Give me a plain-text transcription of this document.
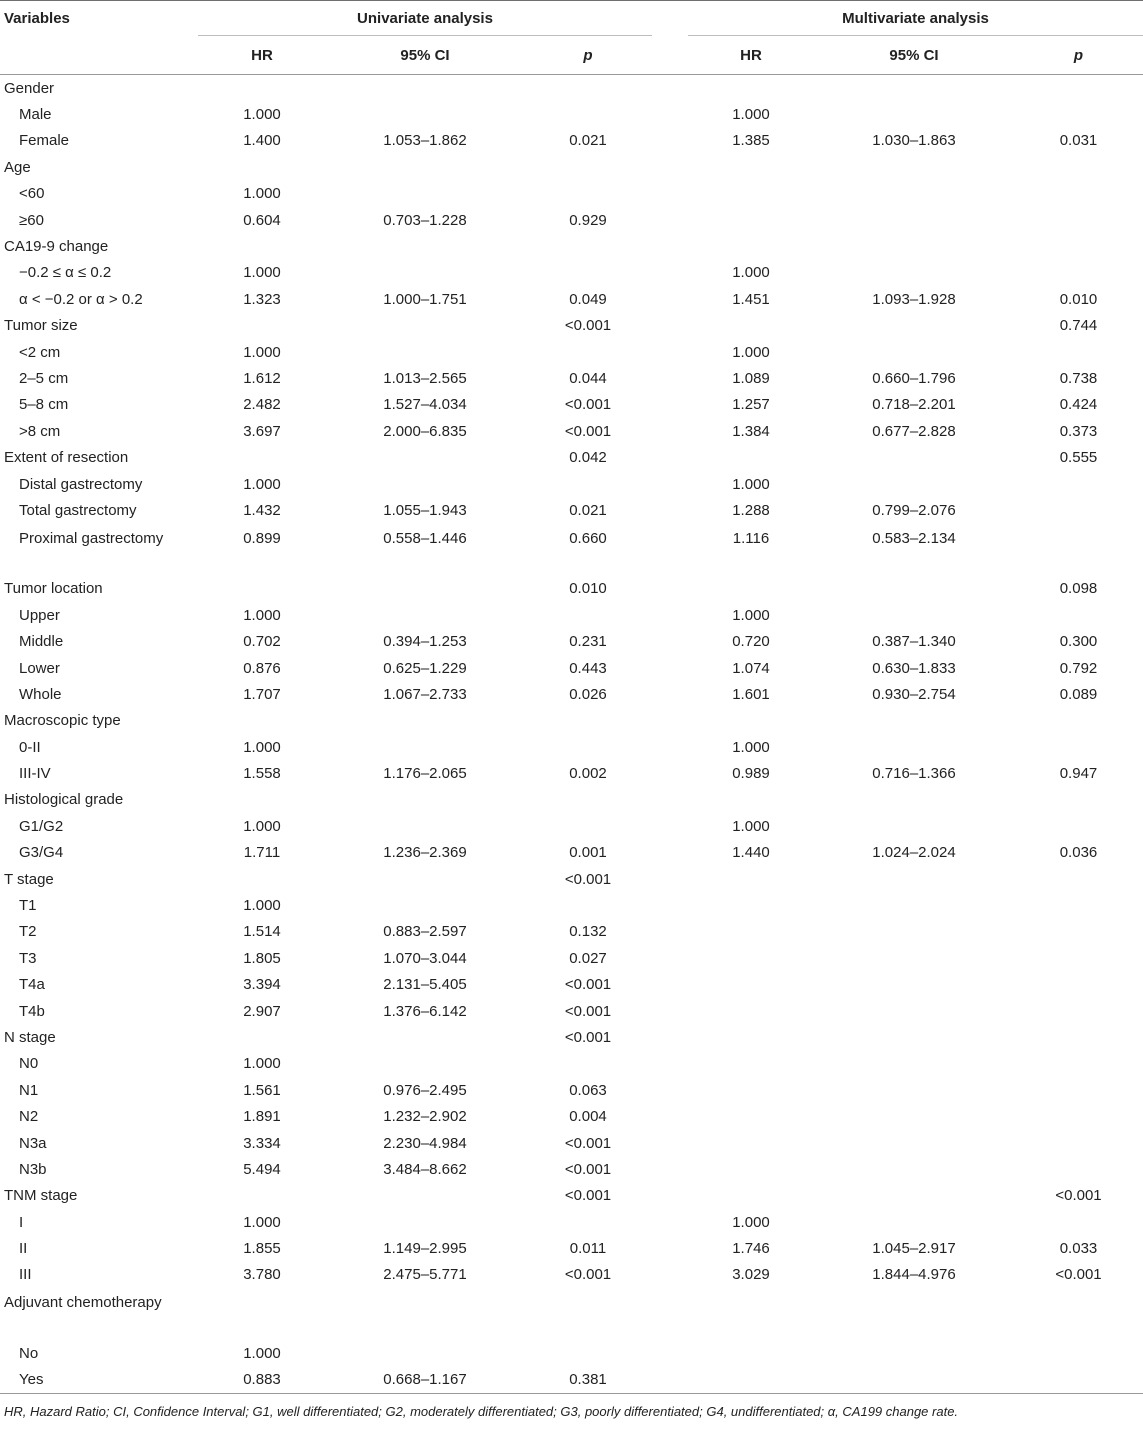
Variables	Univariate analysis				Multivariate analysis		
	HR	95% CI	p		HR	95% CI	p

Gender							
Male	1.000				1.000		
Female	1.400	1.053–1.862	0.021		1.385	1.030–1.863	0.031
Age							
<60	1.000						
≥60	0.604	0.703–1.228	0.929				
CA19-9 change							
−0.2 ≤ α ≤ 0.2	1.000				1.000		
α < −0.2 or α > 0.2	1.323	1.000–1.751	0.049		1.451	1.093–1.928	0.010
Tumor size			<0.001				0.744
<2 cm	1.000				1.000		
2–5 cm	1.612	1.013–2.565	0.044		1.089	0.660–1.796	0.738
5–8 cm	2.482	1.527–4.034	<0.001		1.257	0.718–2.201	0.424
>8 cm	3.697	2.000–6.835	<0.001		1.384	0.677–2.828	0.373
Extent of resection			0.042				0.555
Distal gastrectomy	1.000				1.000		
Total gastrectomy	1.432	1.055–1.943	0.021		1.288	0.799–2.076	
Proximal gastrectomy	0.899	0.558–1.446	0.660		1.116	0.583–2.134	
Tumor location			0.010				0.098
Upper	1.000				1.000		
Middle	0.702	0.394–1.253	0.231		0.720	0.387–1.340	0.300
Lower	0.876	0.625–1.229	0.443		1.074	0.630–1.833	0.792
Whole	1.707	1.067–2.733	0.026		1.601	0.930–2.754	0.089
Macroscopic type							
0-II	1.000				1.000		
III-IV	1.558	1.176–2.065	0.002		0.989	0.716–1.366	0.947
Histological grade							
G1/G2	1.000				1.000		
G3/G4	1.711	1.236–2.369	0.001		1.440	1.024–2.024	0.036
T stage			<0.001				
T1	1.000						
T2	1.514	0.883–2.597	0.132				
T3	1.805	1.070–3.044	0.027				
T4a	3.394	2.131–5.405	<0.001				
T4b	2.907	1.376–6.142	<0.001				
N stage			<0.001				
N0	1.000						
N1	1.561	0.976–2.495	0.063				
N2	1.891	1.232–2.902	0.004				
N3a	3.334	2.230–4.984	<0.001				
N3b	5.494	3.484–8.662	<0.001				
TNM stage			<0.001				<0.001
I	1.000				1.000		
II	1.855	1.149–2.995	0.011		1.746	1.045–2.917	0.033
III	3.780	2.475–5.771	<0.001		3.029	1.844–4.976	<0.001
Adjuvant chemotherapy							
No	1.000						
Yes	0.883	0.668–1.167	0.381				

HR, Hazard Ratio; CI, Confidence Interval; G1, well differentiated; G2, moderately differentiated; G3, poorly differentiated; G4, undifferentiated; α, CA199 change rate.
